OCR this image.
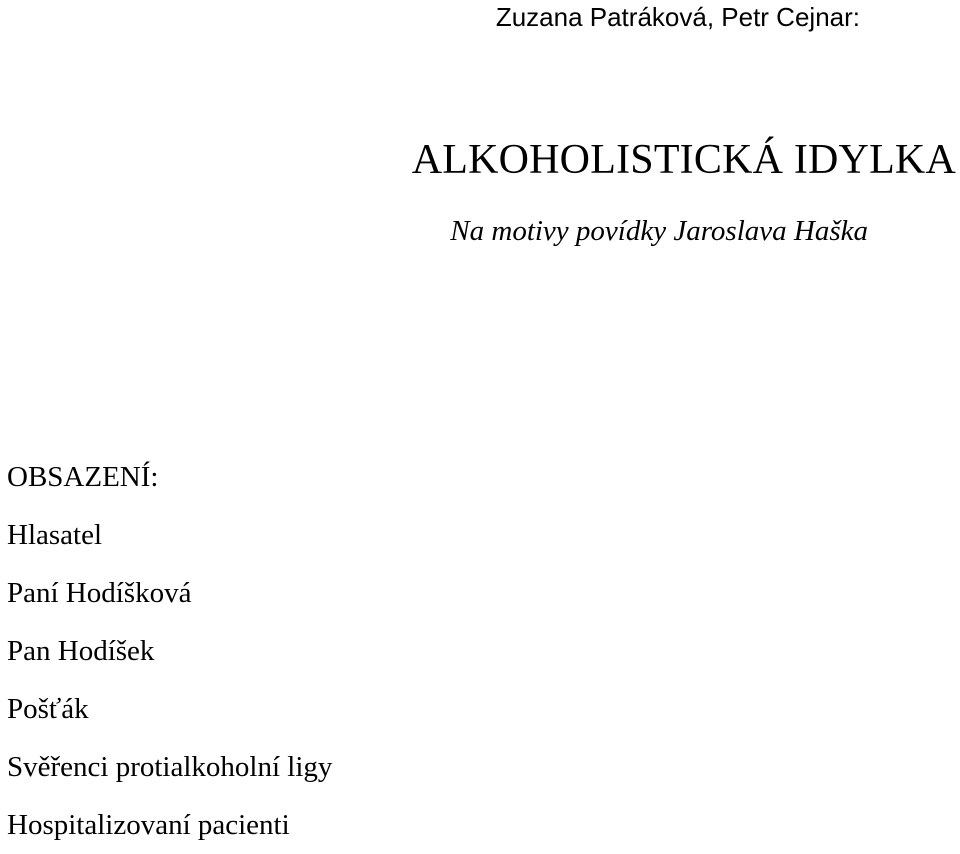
Zuzana Patráková, Petr Cejnar:
ALKOHOLISTICKÁ IDYLKA
Na motivy povídky Jaroslava Haška
OBSAZENÍ:
Hlasatel
Paní Hodíšková
Pan Hodíšek
Pošťák
Svěřenci protialkoholní ligy
Hospitalizovaní pacienti
